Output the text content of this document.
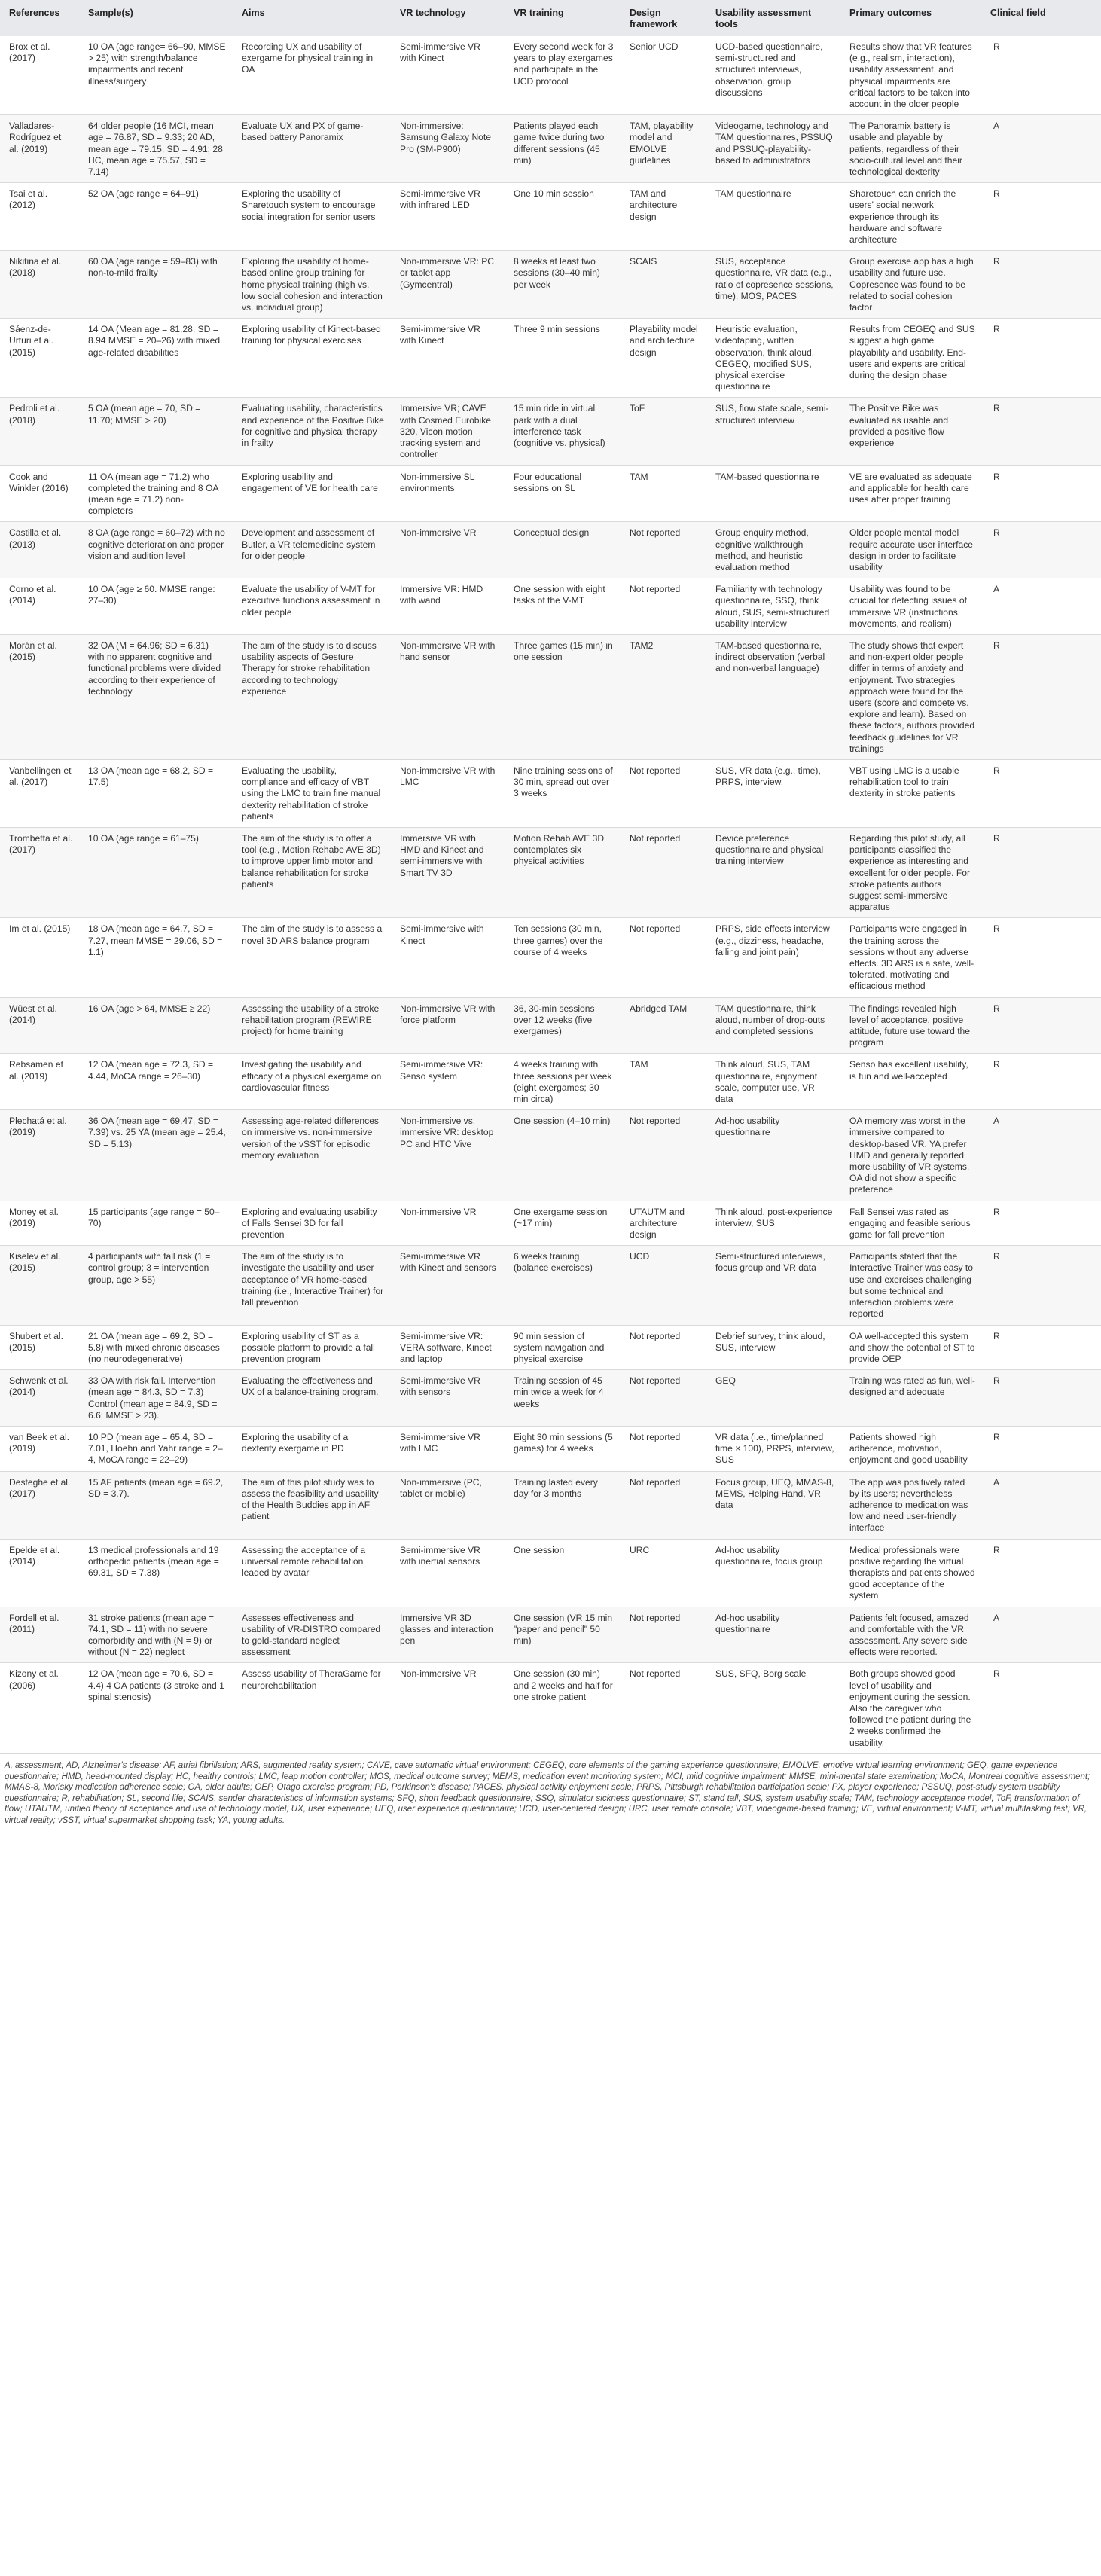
References	Sample(s)	Aims	VR technology	VR training	Design framework	Usability assessment tools	Primary outcomes	Clinical field
Brox et al. (2017)	10 OA (age range= 66–90, MMSE > 25) with strength/balance impairments and recent illness/surgery	Recording UX and usability of exergame for physical training in OA	Semi-immersive VR with Kinect	Every second week for 3 years to play exergames and participate in the UCD protocol	Senior UCD	UCD-based questionnaire, semi-structured and structured interviews, observation, group discussions	Results show that VR features (e.g., realism, interaction), usability assessment, and physical impairments are critical factors to be taken into account in the older people	R
Valladares-Rodríguez et al. (2019)	64 older people (16 MCI, mean age = 76.87, SD = 9.33; 20 AD, mean age = 79.15, SD = 4.91; 28 HC, mean age = 75.57, SD = 7.14)	Evaluate UX and PX of game-based battery Panoramix	Non-immersive: Samsung Galaxy Note Pro (SM-P900)	Patients played each game twice during two different sessions (45 min)	TAM, playability model and EMOLVE guidelines	Videogame, technology and TAM questionnaires, PSSUQ and PSSUQ-playability-based to administrators	The Panoramix battery is usable and playable by patients, regardless of their socio-cultural level and their technological dexterity	A
Tsai et al. (2012)	52 OA (age range = 64–91)	Exploring the usability of Sharetouch system to encourage social integration for senior users	Semi-immersive VR with infrared LED	One 10 min session	TAM and architecture design	TAM questionnaire	Sharetouch can enrich the users' social network experience through its hardware and software architecture	R
Nikitina et al. (2018)	60 OA (age range = 59–83) with non-to-mild frailty	Exploring the usability of home-based online group training for home physical training (high vs. low social cohesion and interaction vs. individual group)	Non-immersive VR: PC or tablet app (Gymcentral)	8 weeks at least two sessions (30–40 min) per week	SCAIS	SUS, acceptance questionnaire, VR data (e.g., ratio of copresence sessions, time), MOS, PACES	Group exercise app has a high usability and future use. Copresence was found to be related to social cohesion factor	R
Sáenz-de-Urturi et al. (2015)	14 OA (Mean age = 81.28, SD = 8.94 MMSE = 20–26) with mixed age-related disabilities	Exploring usability of Kinect-based training for physical exercises	Semi-immersive VR with Kinect	Three 9 min sessions	Playability model and architecture design	Heuristic evaluation, videotaping, written observation, think aloud, CEGEQ, modified SUS, physical exercise questionnaire	Results from CEGEQ and SUS suggest a high game playability and usability. End-users and experts are critical during the design phase	R
Pedroli et al. (2018)	5 OA (mean age = 70, SD = 11.70; MMSE > 20)	Evaluating usability, characteristics and experience of the Positive Bike for cognitive and physical therapy in frailty	Immersive VR; CAVE with Cosmed Eurobike 320, Vicon motion tracking system and controller	15 min ride in virtual park with a dual interference task (cognitive vs. physical)	ToF	SUS, flow state scale, semi-structured interview	The Positive Bike was evaluated as usable and provided a positive flow experience	R
Cook and Winkler (2016)	11 OA (mean age = 71.2) who completed the training and 8 OA (mean age = 71.2) non-completers	Exploring usability and engagement of VE for health care	Non-immersive SL environments	Four educational sessions on SL	TAM	TAM-based questionnaire	VE are evaluated as adequate and applicable for health care uses after proper training	R
Castilla et al. (2013)	8 OA (age range = 60–72) with no cognitive deterioration and proper vision and audition level	Development and assessment of Butler, a VR telemedicine system for older people	Non-immersive VR	Conceptual design	Not reported	Group enquiry method, cognitive walkthrough method, and heuristic evaluation method	Older people mental model require accurate user interface design in order to facilitate usability	R
Corno et al. (2014)	10 OA (age ≥ 60. MMSE range: 27–30)	Evaluate the usability of V-MT for executive functions assessment in older people	Immersive VR: HMD with wand	One session with eight tasks of the V-MT	Not reported	Familiarity with technology questionnaire, SSQ, think aloud, SUS, semi-structured usability interview	Usability was found to be crucial for detecting issues of immersive VR (instructions, movements, and realism)	A
Morán et al. (2015)	32 OA (M = 64.96; SD = 6.31) with no apparent cognitive and functional problems were divided according to their experience of technology	The aim of the study is to discuss usability aspects of Gesture Therapy for stroke rehabilitation according to technology experience	Non-immersive VR with hand sensor	Three games (15 min) in one session	TAM2	TAM-based questionnaire, indirect observation (verbal and non-verbal language)	The study shows that expert and non-expert older people differ in terms of anxiety and enjoyment. Two strategies approach were found for the users (score and compete vs. explore and learn). Based on these factors, authors provided feedback guidelines for VR trainings	R
Vanbellingen et al. (2017)	13 OA (mean age = 68.2, SD = 17.5)	Evaluating the usability, compliance and efficacy of VBT using the LMC to train fine manual dexterity rehabilitation of stroke patients	Non-immersive VR with LMC	Nine training sessions of 30 min, spread out over 3 weeks	Not reported	SUS, VR data (e.g., time), PRPS, interview.	VBT using LMC is a usable rehabilitation tool to train dexterity in stroke patients	R
Trombetta et al. (2017)	10 OA (age range = 61–75)	The aim of the study is to offer a tool (e.g., Motion Rehabe AVE 3D) to improve upper limb motor and balance rehabilitation for stroke patients	Immersive VR with HMD and Kinect and semi-immersive with Smart TV 3D	Motion Rehab AVE 3D contemplates six physical activities	Not reported	Device preference questionnaire and physical training interview	Regarding this pilot study, all participants classified the experience as interesting and excellent for older people. For stroke patients authors suggest semi-immersive apparatus	R
Im et al. (2015)	18 OA (mean age = 64.7, SD = 7.27, mean MMSE = 29.06, SD = 1.1)	The aim of the study is to assess a novel 3D ARS balance program	Semi-immersive with Kinect	Ten sessions (30 min, three games) over the course of 4 weeks	Not reported	PRPS, side effects interview (e.g., dizziness, headache, falling and joint pain)	Participants were engaged in the training across the sessions without any adverse effects. 3D ARS is a safe, well-tolerated, motivating and efficacious method	R
Wüest et al. (2014)	16 OA (age > 64, MMSE ≥ 22)	Assessing the usability of a stroke rehabilitation program (REWIRE project) for home training	Non-immersive VR with force platform	36, 30-min sessions over 12 weeks (five exergames)	Abridged TAM	TAM questionnaire, think aloud, number of drop-outs and completed sessions	The findings revealed high level of acceptance, positive attitude, future use toward the program	R
Rebsamen et al. (2019)	12 OA (mean age = 72.3, SD = 4.44, MoCA range = 26–30)	Investigating the usability and efficacy of a physical exergame on cardiovascular fitness	Semi-immersive VR: Senso system	4 weeks training with three sessions per week (eight exergames; 30 min circa)	TAM	Think aloud, SUS, TAM questionnaire, enjoyment scale, computer use, VR data	Senso has excellent usability, is fun and well-accepted	R
Plechatá et al. (2019)	36 OA (mean age = 69.47, SD = 7.39) vs. 25 YA (mean age = 25.4, SD = 5.13)	Assessing age-related differences on immersive vs. non-immersive version of the vSST for episodic memory evaluation	Non-immersive vs. immersive VR: desktop PC and HTC Vive	One session (4–10 min)	Not reported	Ad-hoc usability questionnaire	OA memory was worst in the immersive compared to desktop-based VR. YA prefer HMD and generally reported more usability of VR systems. OA did not show a specific preference	A
Money et al. (2019)	15 participants (age range = 50–70)	Exploring and evaluating usability of Falls Sensei 3D for fall prevention	Non-immersive VR	One exergame session (~17 min)	UTAUTM and architecture design	Think aloud, post-experience interview, SUS	Fall Sensei was rated as engaging and feasible serious game for fall prevention	R
Kiselev et al. (2015)	4 participants with fall risk (1 = control group; 3 = intervention group, age > 55)	The aim of the study is to investigate the usability and user acceptance of VR home-based training (i.e., Interactive Trainer) for fall prevention	Semi-immersive VR with Kinect and sensors	6 weeks training (balance exercises)	UCD	Semi-structured interviews, focus group and VR data	Participants stated that the Interactive Trainer was easy to use and exercises challenging but some technical and interaction problems were reported	R
Shubert et al. (2015)	21 OA (mean age = 69.2, SD = 5.8) with mixed chronic diseases (no neurodegenerative)	Exploring usability of ST as a possible platform to provide a fall prevention program	Semi-immersive VR: VERA software, Kinect and laptop	90 min session of system navigation and physical exercise	Not reported	Debrief survey, think aloud, SUS, interview	OA well-accepted this system and show the potential of ST to provide OEP	R
Schwenk et al. (2014)	33 OA with risk fall. Intervention (mean age = 84.3, SD = 7.3) Control (mean age = 84.9, SD = 6.6; MMSE > 23).	Evaluating the effectiveness and UX of a balance-training program.	Semi-immersive VR with sensors	Training session of 45 min twice a week for 4 weeks	Not reported	GEQ	Training was rated as fun, well-designed and adequate	R
van Beek et al. (2019)	10 PD (mean age = 65.4, SD = 7.01, Hoehn and Yahr range = 2–4, MoCA range = 22–29)	Exploring the usability of a dexterity exergame in PD	Semi-immersive VR with LMC	Eight 30 min sessions (5 games) for 4 weeks	Not reported	VR data (i.e., time/planned time × 100), PRPS, interview, SUS	Patients showed high adherence, motivation, enjoyment and good usability	R
Desteghe et al. (2017)	15 AF patients (mean age = 69.2, SD = 3.7).	The aim of this pilot study was to assess the feasibility and usability of the Health Buddies app in AF patient	Non-immersive (PC, tablet or mobile)	Training lasted every day for 3 months	Not reported	Focus group, UEQ, MMAS-8, MEMS, Helping Hand, VR data	The app was positively rated by its users; nevertheless adherence to medication was low and need user-friendly interface	A
Epelde et al. (2014)	13 medical professionals and 19 orthopedic patients (mean age = 69.31, SD = 7.38)	Assessing the acceptance of a universal remote rehabilitation leaded by avatar	Semi-immersive VR with inertial sensors	One session	URC	Ad-hoc usability questionnaire, focus group	Medical professionals were positive regarding the virtual therapists and patients showed good acceptance of the system	R
Fordell et al. (2011)	31 stroke patients (mean age = 74.1, SD = 11) with no severe comorbidity and with (N = 9) or without (N = 22) neglect	Assesses effectiveness and usability of VR-DISTRO compared to gold-standard neglect assessment	Immersive VR 3D glasses and interaction pen	One session (VR 15 min "paper and pencil" 50 min)	Not reported	Ad-hoc usability questionnaire	Patients felt focused, amazed and comfortable with the VR assessment. Any severe side effects were reported.	A
Kizony et al. (2006)	12 OA (mean age = 70.6, SD = 4.4) 4 OA patients (3 stroke and 1 spinal stenosis)	Assess usability of TheraGame for neurorehabilitation	Non-immersive VR	One session (30 min) and 2 weeks and half for one stroke patient	Not reported	SUS, SFQ, Borg scale	Both groups showed good level of usability and enjoyment during the session. Also the caregiver who followed the patient during the 2 weeks confirmed the usability.	R
A, assessment; AD, Alzheimer's disease; AF, atrial fibrillation; ARS, augmented reality system; CAVE, cave automatic virtual environment; CEGEQ, core elements of the gaming experience questionnaire; EMOLVE, emotive virtual learning environment; GEQ, game experience questionnaire; HMD, head-mounted display; HC, healthy controls; LMC, leap motion controller; MOS, medical outcome survey; MEMS, medication event monitoring system; MCI, mild cognitive impairment; MMSE, mini-mental state examination; MoCA, Montreal cognitive assessment; MMAS-8, Morisky medication adherence scale; OA, older adults; OEP, Otago exercise program; PD, Parkinson's disease; PACES, physical activity enjoyment scale; PRPS, Pittsburgh rehabilitation participation scale; PX, player experience; PSSUQ, post-study system usability questionnaire; R, rehabilitation; SL, second life; SCAIS, sender characteristics of information systems; SFQ, short feedback questionnaire; SSQ, simulator sickness questionnaire; ST, stand tall; SUS, system usability scale; TAM, technology acceptance model; ToF, transformation of flow; UTAUTM, unified theory of acceptance and use of technology model; UX, user experience; UEQ, user experience questionnaire; UCD, user-centered design; URC, user remote console; VBT, videogame-based training; VE, virtual environment; V-MT, virtual multitasking test; VR, virtual reality; vSST, virtual supermarket shopping task; YA, young adults.
